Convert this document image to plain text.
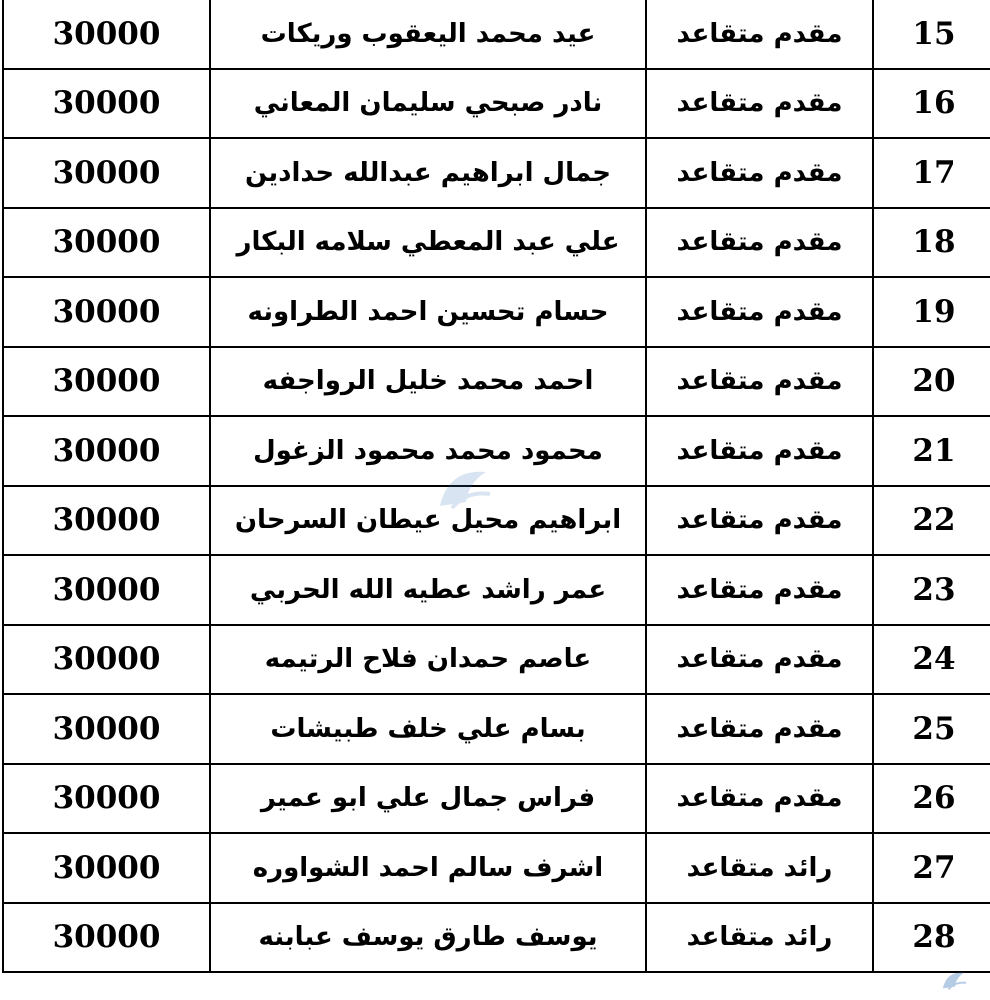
30000	عيد محمد اليعقوب وريكات	مقدم متقاعد	15
30000	نادر صبحي سليمان المعاني	مقدم متقاعد	16
30000	جمال ابراهيم عبدالله حدادين	مقدم متقاعد	17
30000	علي عبد المعطي سلامه البكار	مقدم متقاعد	18
30000	حسام تحسين احمد الطراونه	مقدم متقاعد	19
30000	احمد محمد خليل الرواجفه	مقدم متقاعد	20
30000	محمود محمد محمود الزغول	مقدم متقاعد	21
30000	ابراهيم محيل عيطان السرحان	مقدم متقاعد	22
30000	عمر راشد عطيه الله الحربي	مقدم متقاعد	23
30000	عاصم حمدان فلاح الرتيمه	مقدم متقاعد	24
30000	بسام علي خلف طبيشات	مقدم متقاعد	25
30000	فراس جمال علي ابو عمير	مقدم متقاعد	26
30000	اشرف سالم احمد الشواوره	رائد متقاعد	27
30000	يوسف طارق يوسف عبابنه	رائد متقاعد	28
